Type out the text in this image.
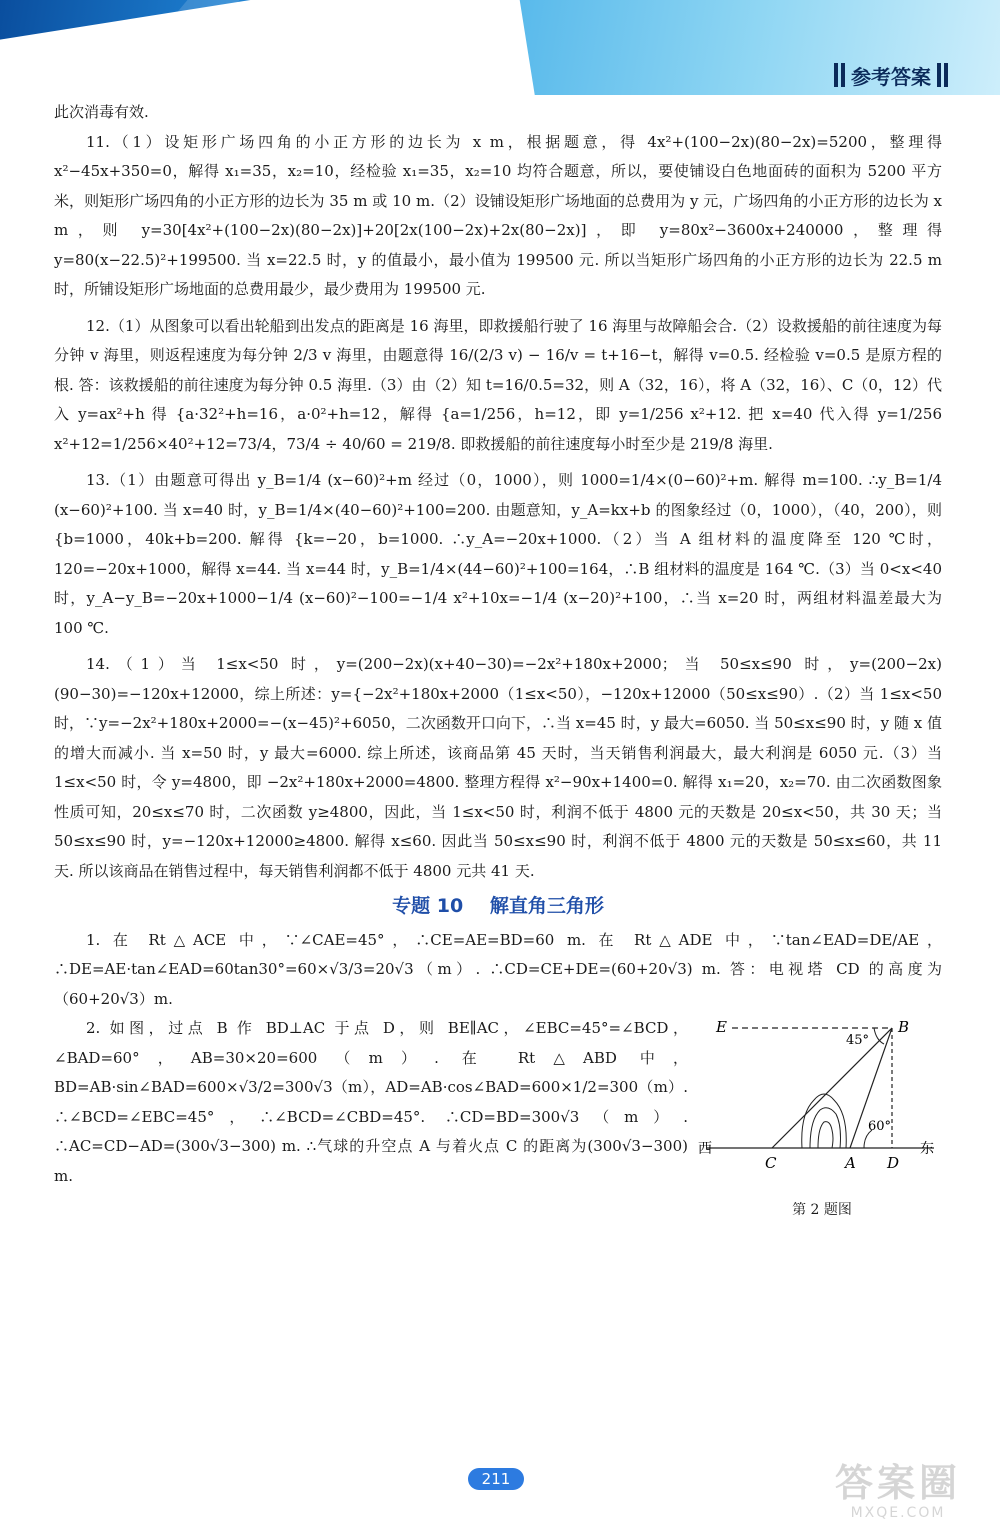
参考答案

此次消毒有效.

11.（1）设矩形广场四角的小正方形的边长为 x m，根据题意，得 4x²+(100−2x)(80−2x)=5200，整理得 x²−45x+350=0，解得 x₁=35，x₂=10，经检验 x₁=35，x₂=10 均符合题意，所以，要使铺设白色地面砖的面积为 5200 平方米，则矩形广场四角的小正方形的边长为 35 m 或 10 m.（2）设铺设矩形广场地面的总费用为 y 元，广场四角的小正方形的边长为 x m，则 y=30[4x²+(100−2x)(80−2x)]+20[2x(100−2x)+2x(80−2x)]，即 y=80x²−3600x+240000，整理得 y=80(x−22.5)²+199500. 当 x=22.5 时，y 的值最小，最小值为 199500 元. 所以当矩形广场四角的小正方形的边长为 22.5 m 时，所铺设矩形广场地面的总费用最少，最少费用为 199500 元.

12.（1）从图象可以看出轮船到出发点的距离是 16 海里，即救援船行驶了 16 海里与故障船会合.（2）设救援船的前往速度为每分钟 v 海里，则返程速度为每分钟 2/3 v 海里，由题意得 16/(2/3 v) − 16/v = t+16−t，解得 v=0.5. 经检验 v=0.5 是原方程的根. 答：该救援船的前往速度为每分钟 0.5 海里.（3）由（2）知 t=16/0.5=32，则 A（32，16），将 A（32，16）、C（0，12）代入 y=ax²+h 得 {a·32²+h=16，a·0²+h=12，解得 {a=1/256，h=12，即 y=1/256 x²+12. 把 x=40 代入得 y=1/256 x²+12=1/256×40²+12=73/4，73/4 ÷ 40/60 = 219/8. 即救援船的前往速度每小时至少是 219/8 海里.

13.（1）由题意可得出 y_B=1/4 (x−60)²+m 经过（0，1000），则 1000=1/4×(0−60)²+m. 解得 m=100. ∴y_B=1/4 (x−60)²+100. 当 x=40 时，y_B=1/4×(40−60)²+100=200. 由题意知，y_A=kx+b 的图象经过（0，1000），（40，200），则 {b=1000，40k+b=200. 解得 {k=−20，b=1000. ∴y_A=−20x+1000.（2）当 A 组材料的温度降至 120 ℃时，120=−20x+1000，解得 x=44. 当 x=44 时，y_B=1/4×(44−60)²+100=164，∴B 组材料的温度是 164 ℃.（3）当 0<x<40 时，y_A−y_B=−20x+1000−1/4 (x−60)²−100=−1/4 x²+10x=−1/4 (x−20)²+100，∴当 x=20 时，两组材料温差最大为 100 ℃.

14.（1）当 1≤x<50 时，y=(200−2x)(x+40−30)=−2x²+180x+2000；当 50≤x≤90 时，y=(200−2x)(90−30)=−120x+12000，综上所述：y={−2x²+180x+2000（1≤x<50），−120x+12000（50≤x≤90）.（2）当 1≤x<50 时，∵y=−2x²+180x+2000=−(x−45)²+6050，二次函数开口向下，∴当 x=45 时，y 最大=6050. 当 50≤x≤90 时，y 随 x 值的增大而减小. 当 x=50 时，y 最大=6000. 综上所述，该商品第 45 天时，当天销售利润最大，最大利润是 6050 元.（3）当 1≤x<50 时，令 y=4800，即 −2x²+180x+2000=4800. 整理方程得 x²−90x+1400=0. 解得 x₁=20，x₂=70. 由二次函数图象性质可知，20≤x≤70 时，二次函数 y≥4800，因此，当 1≤x<50 时，利润不低于 4800 元的天数是 20≤x<50，共 30 天；当 50≤x≤90 时，y=−120x+12000≥4800. 解得 x≤60. 因此当 50≤x≤90 时，利润不低于 4800 元的天数是 50≤x≤60，共 11 天. 所以该商品在销售过程中，每天销售利润都不低于 4800 元共 41 天.

专题 10 解直角三角形

1. 在 Rt△ACE 中，∵∠CAE=45°，∴CE=AE=BD=60 m. 在 Rt△ADE 中，∵tan∠EAD=DE/AE，∴DE=AE·tan∠EAD=60tan30°=60×√3/3=20√3（m）. ∴CD=CE+DE=(60+20√3) m. 答：电视塔 CD 的高度为（60+20√3）m.

2. 如图，过点 B 作 BD⊥AC 于点 D，则 BE∥AC，∠EBC=45°=∠BCD，∠BAD=60°，AB=30×20=600（m）. 在 Rt△ABD 中，BD=AB·sin∠BAD=600×√3/2=300√3（m），AD=AB·cos∠BAD=600×1/2=300（m）. ∴∠BCD=∠EBC=45°，∴∠BCD=∠CBD=45°. ∴CD=BD=300√3（m）. ∴AC=CD−AD=(300√3−300) m. ∴气球的升空点 A 与着火点 C 的距离为(300√3−300) m.

E	B
45°
60°
C	A D
西	东
第 2 题图
211	答案圈
MXQE.COM
